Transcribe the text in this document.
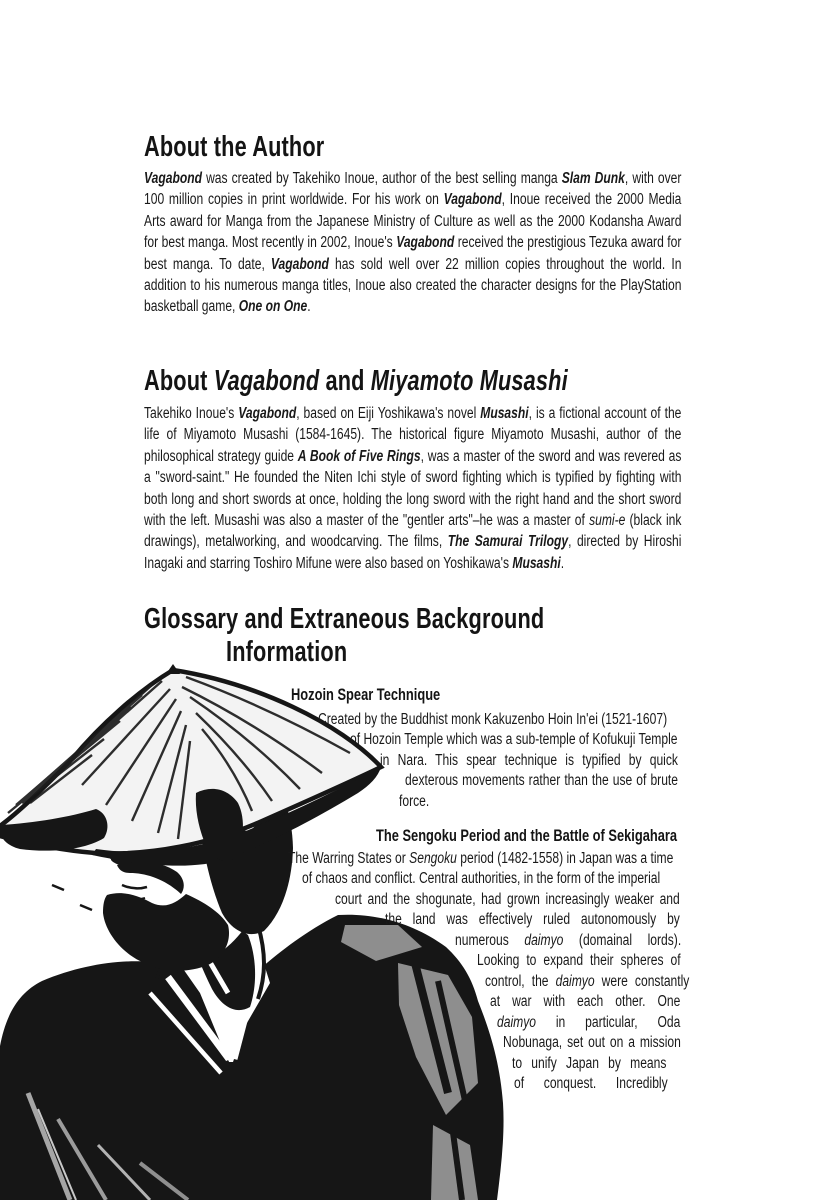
About the Author

Vagabond was created by Takehiko Inoue, author of the best selling manga Slam Dunk, with over 100 million copies in print worldwide. For his work on Vagabond, Inoue received the 2000 Media Arts award for Manga from the Japanese Ministry of Culture as well as the 2000 Kodansha Award for best manga. Most recently in 2002, Inoue's Vagabond received the prestigious Tezuka award for best manga. To date, Vagabond has sold well over 22 million copies throughout the world. In addition to his numerous manga titles, Inoue also created the character designs for the PlayStation basketball game, One on One.

About Vagabond and Miyamoto Musashi

Takehiko Inoue's Vagabond, based on Eiji Yoshikawa's novel Musashi, is a fictional account of the life of Miyamoto Musashi (1584-1645). The historical figure Miyamoto Musashi, author of the philosophical strategy guide A Book of Five Rings, was a master of the sword and was revered as a "sword-saint." He founded the Niten Ichi style of sword fighting which is typified by fighting with both long and short swords at once, holding the long sword with the right hand and the short sword with the left. Musashi was also a master of the "gentler arts"–he was a master of sumi-e (black ink drawings), metalworking, and woodcarving. The films, The Samurai Trilogy, directed by Hiroshi Inagaki and starring Toshiro Mifune were also based on Yoshikawa's Musashi.

Glossary and Extraneous Background
Information
Hozoin Spear Technique
Created by the Buddhist monk Kakuzenbo Hoin In'ei (1521-1607)
of Hozoin Temple which was a sub-temple of Kofukuji Temple
in Nara. This spear technique is typified by quick
dexterous movements rather than the use of brute
force.
The Sengoku Period and the Battle of Sekigahara
The Warring States or Sengoku period (1482-1558) in Japan was a time
of chaos and conflict. Central authorities, in the form of the imperial
court and the shogunate, had grown increasingly weaker and
the land was effectively ruled autonomously by
numerous daimyo (domainal lords).
Looking to expand their spheres of
control, the daimyo were constantly
at war with each other. One
daimyo in particular, Oda
Nobunaga, set out on a mission
to unify Japan by means
of conquest. Incredibly
